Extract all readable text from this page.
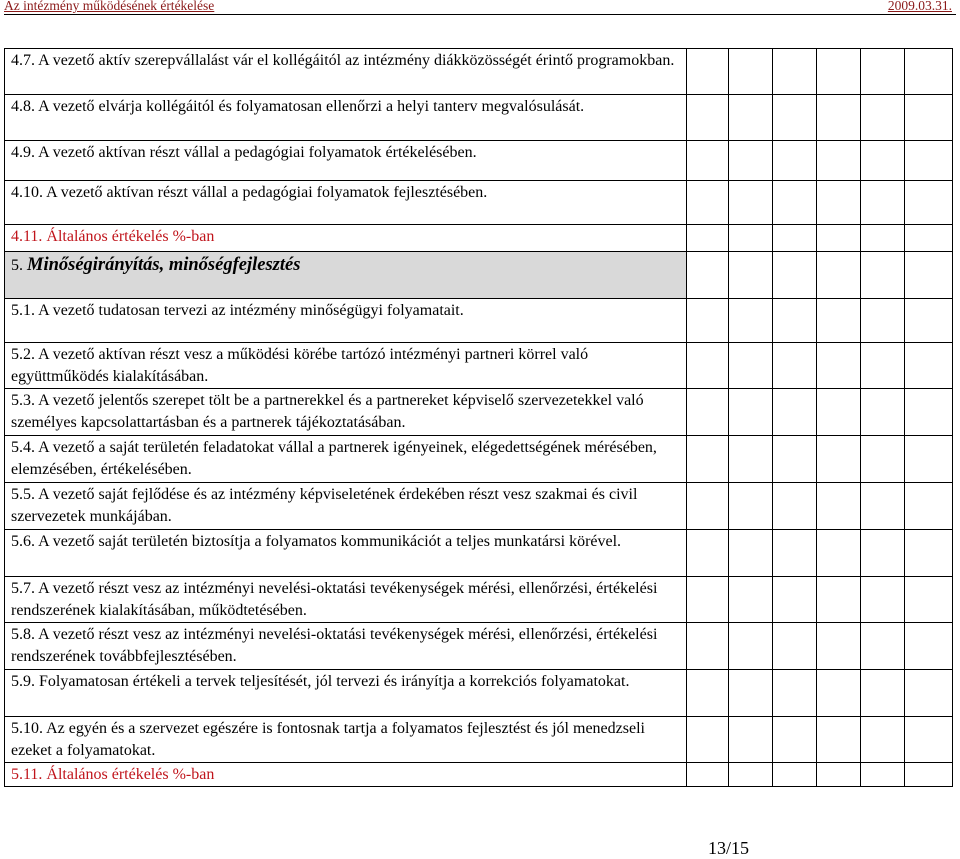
Az intézmény működésének értékelése	2009.03.31.
4.7. A vezető aktív szerepvállalást vár el kollégáitól az intézmény diákközösségét érintő programokban.						
4.8. A vezető elvárja kollégáitól és folyamatosan ellenőrzi a helyi tanterv megvalósulását.						
4.9. A vezető aktívan részt vállal a pedagógiai folyamatok értékelésében.						
4.10. A vezető aktívan részt vállal a pedagógiai folyamatok fejlesztésében.						
4.11. Általános értékelés %-ban						
5. Minőségirányítás, minőségfejlesztés						
5.1. A vezető tudatosan tervezi az intézmény minőségügyi folyamatait.						
5.2. A vezető aktívan részt vesz a működési körébe tartózó intézményi partneri körrel való együttműködés kialakításában.						
5.3. A vezető jelentős szerepet tölt be a partnerekkel és a partnereket képviselő szervezetekkel való személyes kapcsolattartásban és a partnerek tájékoztatásában.						
5.4. A vezető a saját területén feladatokat vállal a partnerek igényeinek, elégedettségének mérésében, elemzésében, értékelésében.						
5.5. A vezető saját fejlődése és az intézmény képviseletének érdekében részt vesz szakmai és civil szervezetek munkájában.						
5.6. A vezető saját területén biztosítja a folyamatos kommunikációt a teljes munkatársi körével.						
5.7. A vezető részt vesz az intézményi nevelési-oktatási tevékenységek mérési, ellenőrzési, értékelési rendszerének kialakításában, működtetésében.						
5.8. A vezető részt vesz az intézményi nevelési-oktatási tevékenységek mérési, ellenőrzési, értékelési rendszerének továbbfejlesztésében.						
5.9. Folyamatosan értékeli a tervek teljesítését, jól tervezi és irányítja a korrekciós folyamatokat.						
5.10. Az egyén és a szervezet egészére is fontosnak tartja a folyamatos fejlesztést és jól menedzseli ezeket a folyamatokat.						
5.11. Általános értékelés %-ban						
13/15
